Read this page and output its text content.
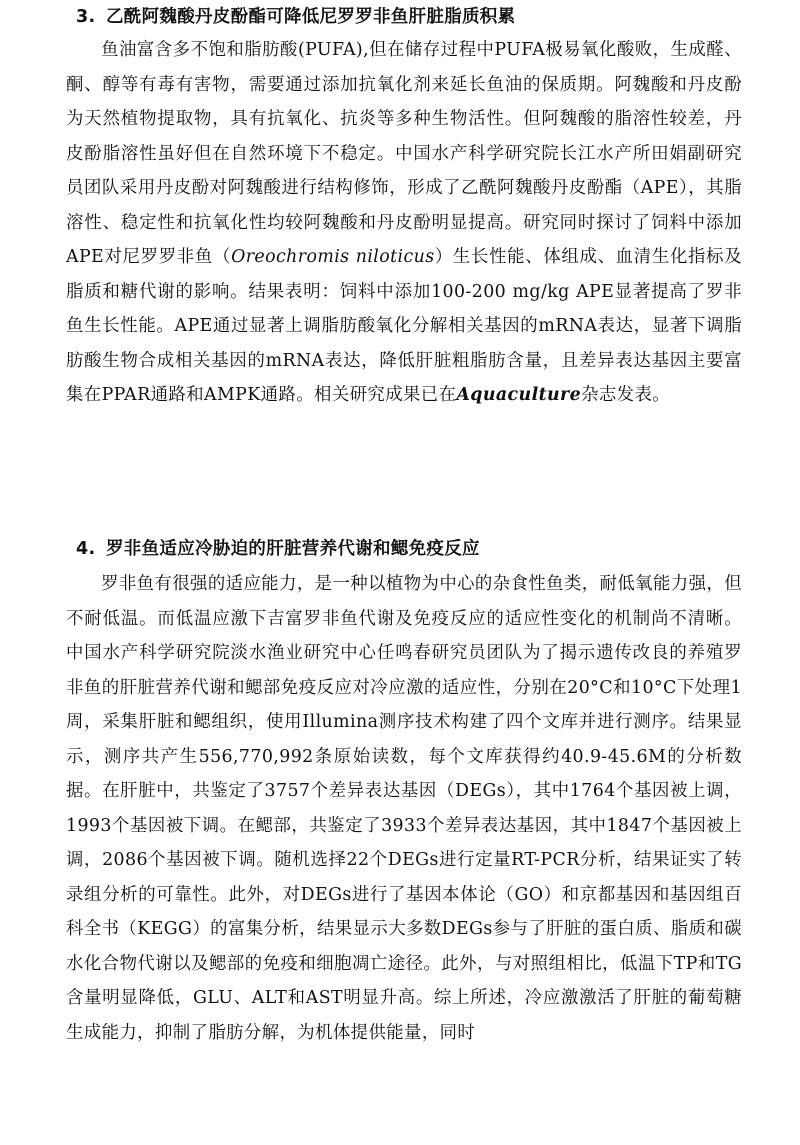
3. 乙酰阿魏酸丹皮酚酯可降低尼罗罗非鱼肝脏脂质积累

鱼油富含多不饱和脂肪酸(PUFA),但在储存过程中PUFA极易氧化酸败，生成醛、酮、醇等有毒有害物，需要通过添加抗氧化剂来延长鱼油的保质期。阿魏酸和丹皮酚为天然植物提取物，具有抗氧化、抗炎等多种生物活性。但阿魏酸的脂溶性较差，丹皮酚脂溶性虽好但在自然环境下不稳定。中国水产科学研究院长江水产所田娟副研究员团队采用丹皮酚对阿魏酸进行结构修饰，形成了乙酰阿魏酸丹皮酚酯（APE），其脂溶性、稳定性和抗氧化性均较阿魏酸和丹皮酚明显提高。研究同时探讨了饲料中添加APE对尼罗罗非鱼（Oreochromis niloticus）生长性能、体组成、血清生化指标及脂质和糖代谢的影响。结果表明：饲料中添加100-200 mg/kg APE显著提高了罗非鱼生长性能。APE通过显著上调脂肪酸氧化分解相关基因的mRNA表达，显著下调脂肪酸生物合成相关基因的mRNA表达，降低肝脏粗脂肪含量，且差异表达基因主要富集在PPAR通路和AMPK通路。相关研究成果已在Aquaculture杂志发表。

4. 罗非鱼适应冷胁迫的肝脏营养代谢和鳃免疫反应

罗非鱼有很强的适应能力，是一种以植物为中心的杂食性鱼类，耐低氧能力强，但不耐低温。而低温应激下吉富罗非鱼代谢及免疫反应的适应性变化的机制尚不清晰。中国水产科学研究院淡水渔业研究中心任鸣春研究员团队为了揭示遗传改良的养殖罗非鱼的肝脏营养代谢和鳃部免疫反应对冷应激的适应性，分别在20°C和10°C下处理1周，采集肝脏和鳃组织，使用Illumina测序技术构建了四个文库并进行测序。结果显示，测序共产生556,770,992条原始读数，每个文库获得约40.9-45.6M的分析数据。在肝脏中，共鉴定了3757个差异表达基因（DEGs），其中1764个基因被上调，1993个基因被下调。在鳃部，共鉴定了3933个差异表达基因，其中1847个基因被上调，2086个基因被下调。随机选择22个DEGs进行定量RT-PCR分析，结果证实了转录组分析的可靠性。此外，对DEGs进行了基因本体论（GO）和京都基因和基因组百科全书（KEGG）的富集分析，结果显示大多数DEGs参与了肝脏的蛋白质、脂质和碳水化合物代谢以及鳃部的免疫和细胞凋亡途径。此外，与对照组相比，低温下TP和TG含量明显降低，GLU、ALT和AST明显升高。综上所述，冷应激激活了肝脏的葡萄糖生成能力，抑制了脂肪分解，为机体提供能量，同时
